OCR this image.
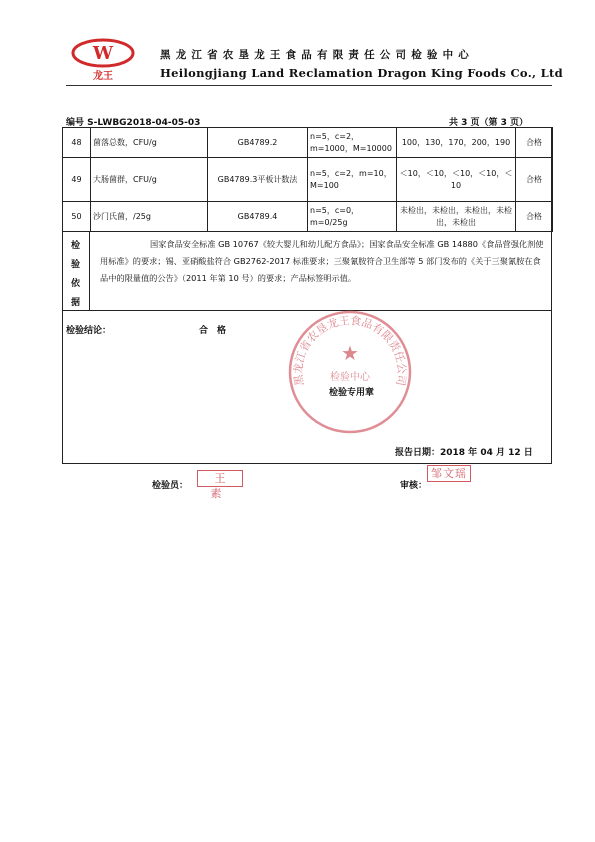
W
龙王
黑龙江省农垦龙王食品有限责任公司检验中心
Heilongjiang Land Reclamation Dragon King Foods Co., Ltd
编号 S-LWBG2018-04-05-03	共 3 页（第 3 页）
48	菌落总数，CFU/g	GB4789.2	n=5，c=2，m=1000，M=10000	100，130，170，200，190	合格
49	大肠菌群，CFU/g	GB4789.3平板计数法	n=5，c=2，m=10，M=100	＜10，＜10，＜10，＜10，＜10	合格
50	沙门氏菌，/25g	GB4789.4	n=5，c=0，m=0/25g	未检出，未检出，未检出，未检出，未检出	合格
检
验
依
据
国家食品安全标准 GB 10767《较大婴儿和幼儿配方食品》；国家食品安全标准 GB 14880《食品营强化剂使用标准》的要求；锡、亚硝酸盐符合 GB2762-2017 标准要求；三聚氰胺符合卫生部等 5 部门发布的《关于三聚氰胺在食品中的限量值的公告》（2011 年第 10 号）的要求；产品标签明示值。
检验结论：	合格
黑龙江省农垦龙王食品有限责任公司
★
检验中心
检验专用章
报告日期：2018 年 04 月 12 日
检验员：
王素
审核：
邹文瑶
